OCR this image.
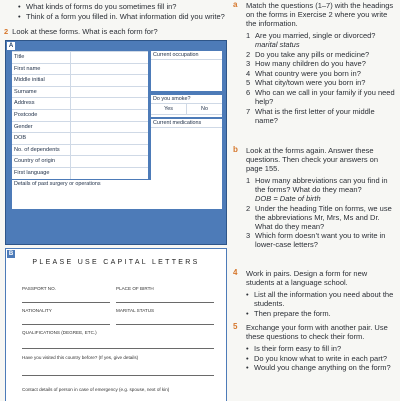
• What kinds of forms do you sometimes fill in?
• Think of a form you filled in. What information did you write?
2 Look at these forms. What is each form for?
A
Title
First name
Middle initial
Surname
Address
Postcode
Gender
DOB
No. of dependents
Country of origin
First language
Current occupation
Do you smoke?
Yes	No
Current medications
Details of past surgery or operations
B
PLEASE USE CAPITAL LETTERS
PASSPORT NO.	PLACE OF BIRTH
NATIONALITY	MARITAL STATUS
QUALIFICATIONS (DEGREE, ETC.)
Have you visited this country before? (If yes, give details)
Contact details of person in case of emergency (e.g. spouse, next of kin)
a Match the questions (1–7) with the headings on the forms in Exercise 2 where you write the information.
1 Are you married, single or divorced? marital status
2 Do you take any pills or medicine?
3 How many children do you have?
4 What country were you born in?
5 What city/town were you born in?
6 Who can we call in your family if you need help?
7 What is the first letter of your middle name?
b Look at the forms again. Answer these questions. Then check your answers on page 155.
1 How many abbreviations can you find in the forms? What do they mean?
DOB = Date of birth
2 Under the heading Title on forms, we use the abbreviations Mr, Mrs, Ms and Dr. What do they mean?
3 Which form doesn’t want you to write in lower-case letters?
4 Work in pairs. Design a form for new students at a language school.
• List all the information you need about the students.
• Then prepare the form.
5 Exchange your form with another pair. Use these questions to check their form.
• Is their form easy to fill in?
• Do you know what to write in each part?
• Would you change anything on the form?
